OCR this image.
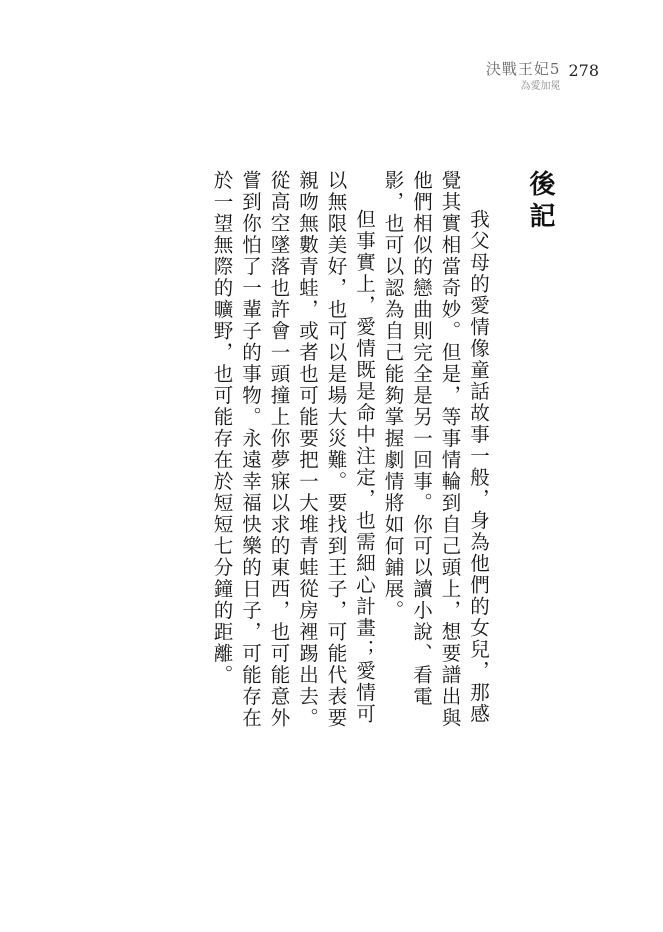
決戰王妃5
為愛加冕
278
後記

我父母的愛情像童話故事一般，身為他們的女兒，那感覺其實相當奇妙。但是，等事情輪到自己頭上，想要譜出與他們相似的戀曲則完全是另一回事。你可以讀小說、看電影，也可以認為自己能夠掌握劇情將如何鋪展。

但事實上，愛情既是命中注定，也需細心計畫；愛情可以無限美好，也可以是場大災難。要找到王子，可能代表要親吻無數青蛙，或者也可能要把一大堆青蛙從房裡踢出去。從高空墜落也許會一頭撞上你夢寐以求的東西，也可能意外嘗到你怕了一輩子的事物。永遠幸福快樂的日子，可能存在於一望無際的曠野，也可能存在於短短七分鐘的距離。
